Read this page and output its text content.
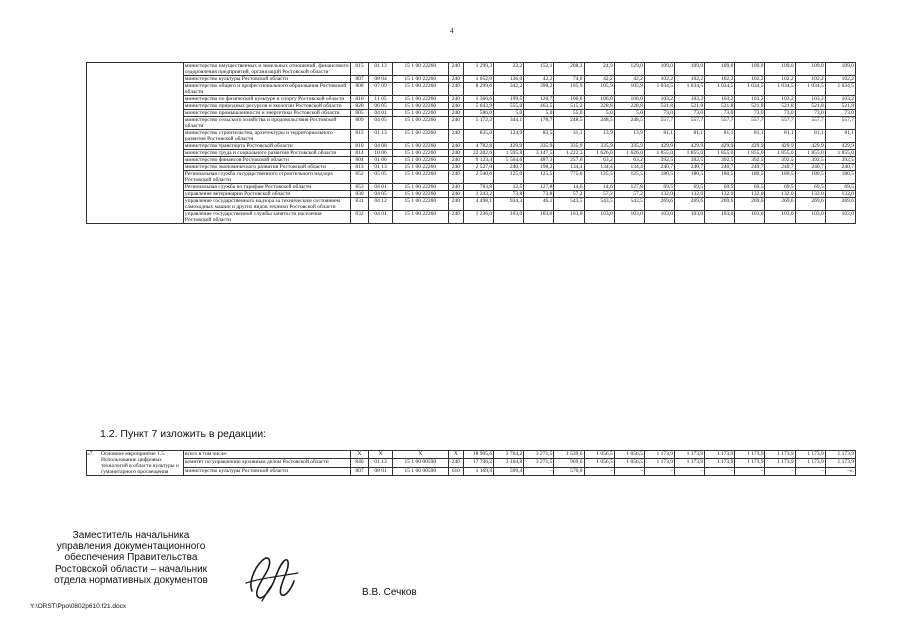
4
	министерство имущественных и земельных отношений, финансового оздоровления предприятий, организаций Ростовской области	815	01 13	15 1 00 22260	240	1 299,3	22,2	152,1	208,3	24,9	129,0	109,0	109,0	109,0	109,0	109,0	109,0	109,0
	министерство культуры Ростовской области	807	08 04	15 1 00 22260	240	1 052,0	136,0	42,2	74,0	42,2	42,2	102,2	102,2	102,2	102,2	102,2	102,2	102,2
	министерство общего и профессионального образования Ростовской области	808	07 09	15 1 00 22260	240	8 299,6	342,2	398,2	105,9	105,9	105,9	1 034,5	1 034,5	1 034,5	1 034,5	1 034,5	1 034,5	1 034,5
	министерство по физической культуре и спорту Ростовской области	816	11 05	15 1 00 22260	240	1 366,6	199,5	126,7	106,0	106,0	106,0	103,2	103,2	103,2	103,2	103,2	103,2	103,2
	министерство природных ресурсов и экологии Ростовской области	820	06 05	15 1 00 22260	240	5 643,9	555,0	463,5	515,2	228,8	228,8	521,8	521,8	521,8	521,8	521,8	521,8	521,8
	министерство промышленности и энергетики Ростовской области	805	04 01	15 1 00 22260	240	586,0	5,0	5,0	55,0	5,0	5,0	73,0	73,0	73,0	73,0	73,0	73,0	73,0
	министерство сельского хозяйства и продовольствия Ростовской области	809	04 05	15 1 00 22260	240	5 172,2	344,1	178,7	248,5	248,5	248,5	557,7	557,7	557,7	557,7	557,7	557,7	557,7
	министерство строительства, архитектуры и территориального развития Ростовской области	812	01 13	15 1 00 22260	240	835,0	124,9	83,5	31,1	13,9	13,9	81,1	81,1	81,1	81,1	81,1	81,1	81,1
	министерство транспорта Ростовской области	810	04 08	15 1 00 22260	240	4 782,8	429,9	335,9	335,9	335,9	335,9	429,9	429,9	429,9	429,9	429,9	429,9	429,9
	министерство труда и социального развития Ростовской области	814	10 06	15 1 00 22260	240	22 202,6	1 595,8	3 147,5	1 222,3	1 626,0	1 626,0	1 855,0	1 855,0	1 855,0	1 855,0	1 855,0	1 855,0	1 855,0
	министерство финансов Ростовской области	804	01 06	15 1 00 22260	240	9 123,4	5 504,6	487,3	257,6	63,2	63,2	392,5	392,5	392,5	392,5	392,5	392,5	392,5
	министерство экономического развития Ростовской области	813	01 13	15 1 00 22260	240	2 527,0	240,7	198,2	134,4	134,4	134,4	240,7	240,7	240,7	240,7	240,7	240,7	240,7
	Региональная служба государственного строительного надзора Ростовской области	852	05 05	15 1 00 22260	240	2 540,6	125,0	125,5	775,6	125,5	125,5	180,5	180,5	180,5	180,5	180,5	180,5	180,5
	Региональная служба по тарифам Ростовской области	853	04 01	15 1 00 22260	240	783,8	12,5	127,8	14,6	14,6	127,8	69,5	69,5	69,5	69,5	69,5	69,5	69,5
	управление ветеринарии Ростовской области	830	04 05	15 1 00 22260	240	1 243,2	73,8	73,8	57,2	57,2	57,2	132,0	132,0	132,0	132,0	132,0	132,0	132,0
	управление государственного надзора за техническим состоянием самоходных машин и других видов техники Ростовской области	831	04 12	15 1 00 22260	240	4 498,1	934,3	46,1	543,5	543,5	543,5	269,6	269,6	269,6	269,6	269,6	269,6	269,6
	управление государственной службы занятости населения Ростовской области	832	04 01	15 1 00 22260	240	1 236,0	103,0	103,0	103,0	103,0	103,0	103,0	103,0	103,0	103,0	103,0	103,0	103,0
1.2. Пункт 7 изложить в редакции:
«7. Основное мероприятие 1.5. Использование цифровых технологий в области культуры и гуманитарного просвещения	всего в том числе:	X	X	X	X	18 905,6	3 764,2	3 271,5	1 539,6	1 056,5	1 056,5	1 173,9	1 173,9	1 173,9	1 173,9	1 173,9	1 173,9	1 173,9
	комитет по управлению архивным делом Ростовской области	840	01 13	15 1 00 00590	240	17 736,2	3 164,8	3 271,5	969,6	1 056,5	1 056,5	1 173,9	1 173,9	1 173,9	1 173,9	1 173,9	1 173,9	1 173,9
	министерство культуры Ростовской области	807	08 01	15 1 00 00590	610	1 169,4	599,4	–	570,0	–	–	–	–	–	–	–	–	–».
Заместитель начальника
управления документационного
обеспечения Правительства
Ростовской области – начальник
отдела нормативных документов
В.В. Сечков
Y:\ORST\Ppo\0802p610.f21.docx
